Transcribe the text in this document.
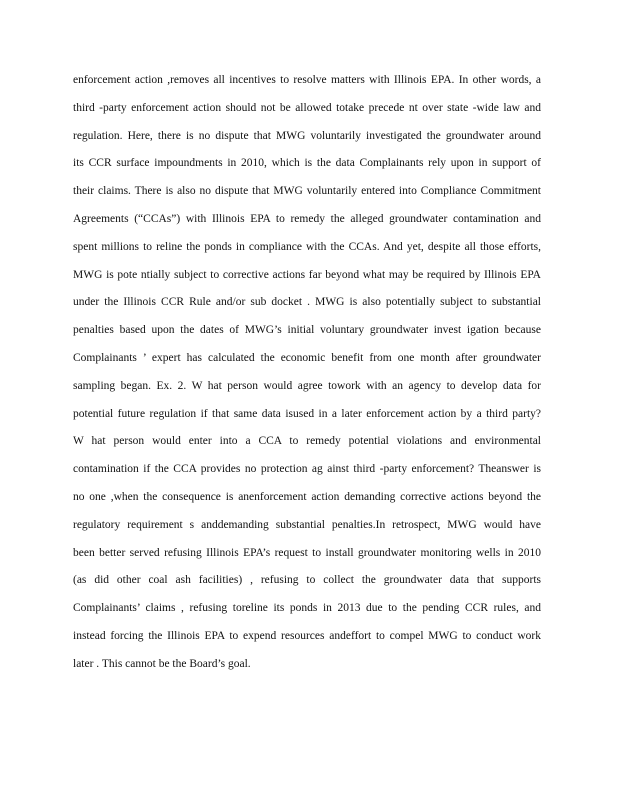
enforcement action ,removes all incentives to resolve matters with Illinois EPA. In other words, a
third -party enforcement action should not be allowed totake precede nt over state -wide law and
regulation. Here, there is no dispute that MWG voluntarily investigated the groundwater around
its CCR surface impoundments in 2010, which is the data Complainants rely upon in support of
their claims. There is also no dispute that MWG voluntarily entered into Compliance Commitment
Agreements (“CCAs”) with Illinois EPA to remedy the alleged groundwater contamination and
spent millions to reline the ponds in compliance with the CCAs. And yet, despite all those efforts,
MWG is pote ntially subject to corrective actions far beyond what may be required by Illinois EPA
under the Illinois CCR Rule and/or sub docket . MWG is also potentially subject to substantial
penalties based upon the dates of MWG’s initial voluntary groundwater invest igation because
Complainants ’ expert has calculated the economic benefit from one month after groundwater
sampling began. Ex. 2. W hat person would agree towork with an agency to develop data for
potential future regulation if that same data isused in a later enforcement action by a third party?
W hat person would enter into a CCA to remedy potential violations and environmental
contamination if the CCA provides no protection ag ainst third -party enforcement? Theanswer is
no one ,when the consequence is anenforcement action demanding corrective actions beyond the
regulatory requirement s anddemanding substantial penalties.In retrospect, MWG would have
been better served refusing Illinois EPA’s request to install groundwater monitoring wells in 2010
(as did other coal ash facilities) , refusing to collect the groundwater data that supports
Complainants’ claims , refusing toreline its ponds in 2013 due to the pending CCR rules, and
instead forcing the Illinois EPA to expend resources andeffort to compel MWG to conduct work
later . This cannot be the Board’s goal.
